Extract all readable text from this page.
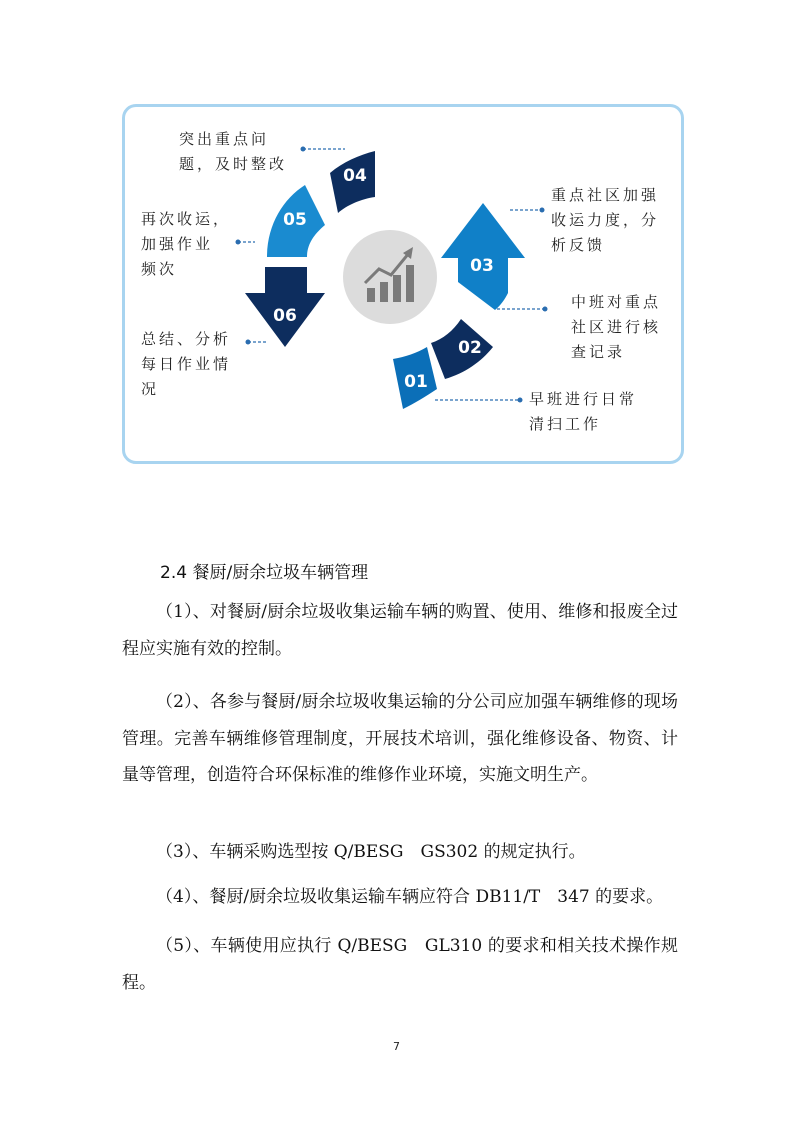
06
05
04
03
02
01
突出重点问
题，及时整改
再次收运，
加强作业
频次
总结、分析
每日作业情
况
重点社区加强
收运力度，分
析反馈
中班对重点
社区进行核
查记录
早班进行日常
清扫工作
2.4 餐厨/厨余垃圾车辆管理

（1）、对餐厨/厨余垃圾收集运输车辆的购置、使用、维修和报废全过程应实施有效的控制。

（2）、各参与餐厨/厨余垃圾收集运输的分公司应加强车辆维修的现场管理。完善车辆维修管理制度，开展技术培训，强化维修设备、物资、计量等管理，创造符合环保标准的维修作业环境，实施文明生产。

（3）、车辆采购选型按 Q/BESG　GS302 的规定执行。

（4）、餐厨/厨余垃圾收集运输车辆应符合 DB11/T　347 的要求。

（5）、车辆使用应执行 Q/BESG　GL310 的要求和相关技术操作规程。

7
